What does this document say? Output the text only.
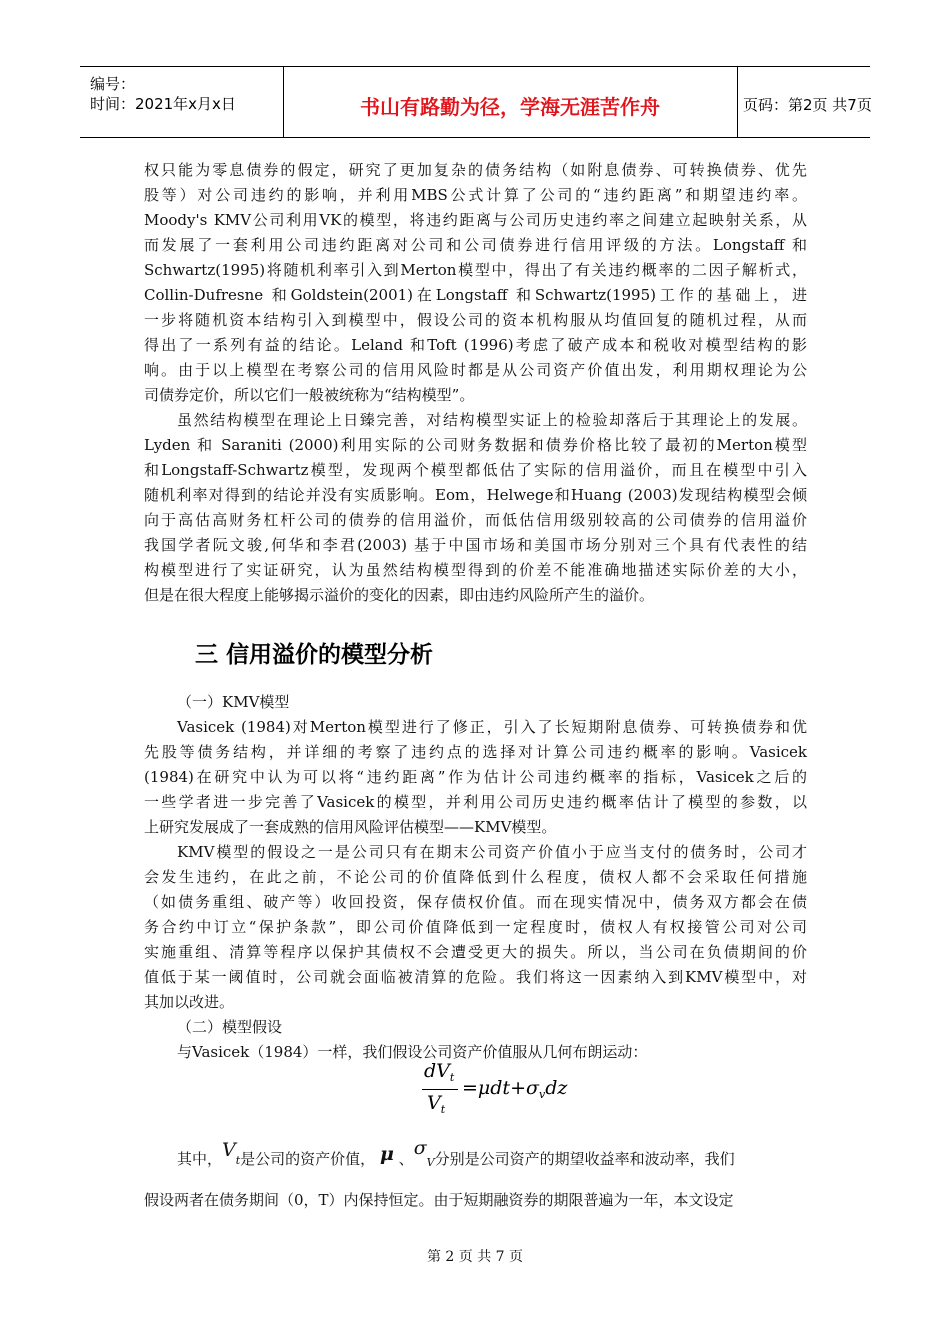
编号：
时间：2021年x月x日	书山有路勤为径，学海无涯苦作舟	页码：第2页 共7页
权只能为零息债券的假定，研究了更加复杂的债务结构（如附息债券、可转换债券、优先
股等）对公司违约的影响，并利用MBS公式计算了公司的“违约距离”和期望违约率。
Moody's KMV公司利用VK的模型，将违约距离与公司历史违约率之间建立起映射关系，从
而发展了一套利用公司违约距离对公司和公司债券进行信用评级的方法。Longstaff 和
Schwartz(1995)将随机利率引入到Merton模型中，得出了有关违约概率的二因子解析式，
Collin-Dufresne 和Goldstein(2001)在Longstaff 和Schwartz(1995)工作的基础上，进
一步将随机资本结构引入到模型中，假设公司的资本机构服从均值回复的随机过程，从而
得出了一系列有益的结论。Leland 和Toft (1996)考虑了破产成本和税收对模型结构的影
响。由于以上模型在考察公司的信用风险时都是从公司资产价值出发，利用期权理论为公
司债券定价，所以它们一般被统称为“结构模型”。
虽然结构模型在理论上日臻完善，对结构模型实证上的检验却落后于其理论上的发展。
Lyden 和 Saraniti (2000)利用实际的公司财务数据和债券价格比较了最初的Merton模型
和Longstaff-Schwartz模型，发现两个模型都低估了实际的信用溢价，而且在模型中引入
随机利率对得到的结论并没有实质影响。Eom，Helwege和Huang (2003)发现结构模型会倾
向于高估高财务杠杆公司的债券的信用溢价，而低估信用级别较高的公司债券的信用溢价
我国学者阮文骏,何华和李君(2003) 基于中国市场和美国市场分别对三个具有代表性的结
构模型进行了实证研究，认为虽然结构模型得到的价差不能准确地描述实际价差的大小，
但是在很大程度上能够揭示溢价的变化的因素，即由违约风险所产生的溢价。
三 信用溢价的模型分析
（一）KMV模型
Vasicek (1984)对Merton模型进行了修正，引入了长短期附息债券、可转换债券和优
先股等债务结构，并详细的考察了违约点的选择对计算公司违约概率的影响。Vasicek
(1984)在研究中认为可以将“违约距离”作为估计公司违约概率的指标，Vasicek之后的
一些学者进一步完善了Vasicek的模型，并利用公司历史违约概率估计了模型的参数，以
上研究发展成了一套成熟的信用风险评估模型——KMV模型。
KMV模型的假设之一是公司只有在期末公司资产价值小于应当支付的债务时，公司才
会发生违约，在此之前，不论公司的价值降低到什么程度，债权人都不会采取任何措施
（如债务重组、破产等）收回投资，保存债权价值。而在现实情况中，债务双方都会在债
务合约中订立“保护条款”，即公司价值降低到一定程度时，债权人有权接管公司对公司
实施重组、清算等程序以保护其债权不会遭受更大的损失。所以，当公司在负债期间的价
值低于某一阈值时，公司就会面临被清算的危险。我们将这一因素纳入到KMV模型中，对
其加以改进。
（二）模型假设
与Vasicek（1984）一样，我们假设公司资产价值服从几何布朗运动：
$dV_t$
$V_t$
$=\mu dt+\sigma_vdz$
其中，$V_t$是公司的资产价值， μ 、$\sigma_V$分别是公司资产的期望收益率和波动率，我们
假设两者在债务期间（0，T）内保持恒定。由于短期融资券的期限普遍为一年，本文设定
第 2 页 共 7 页
